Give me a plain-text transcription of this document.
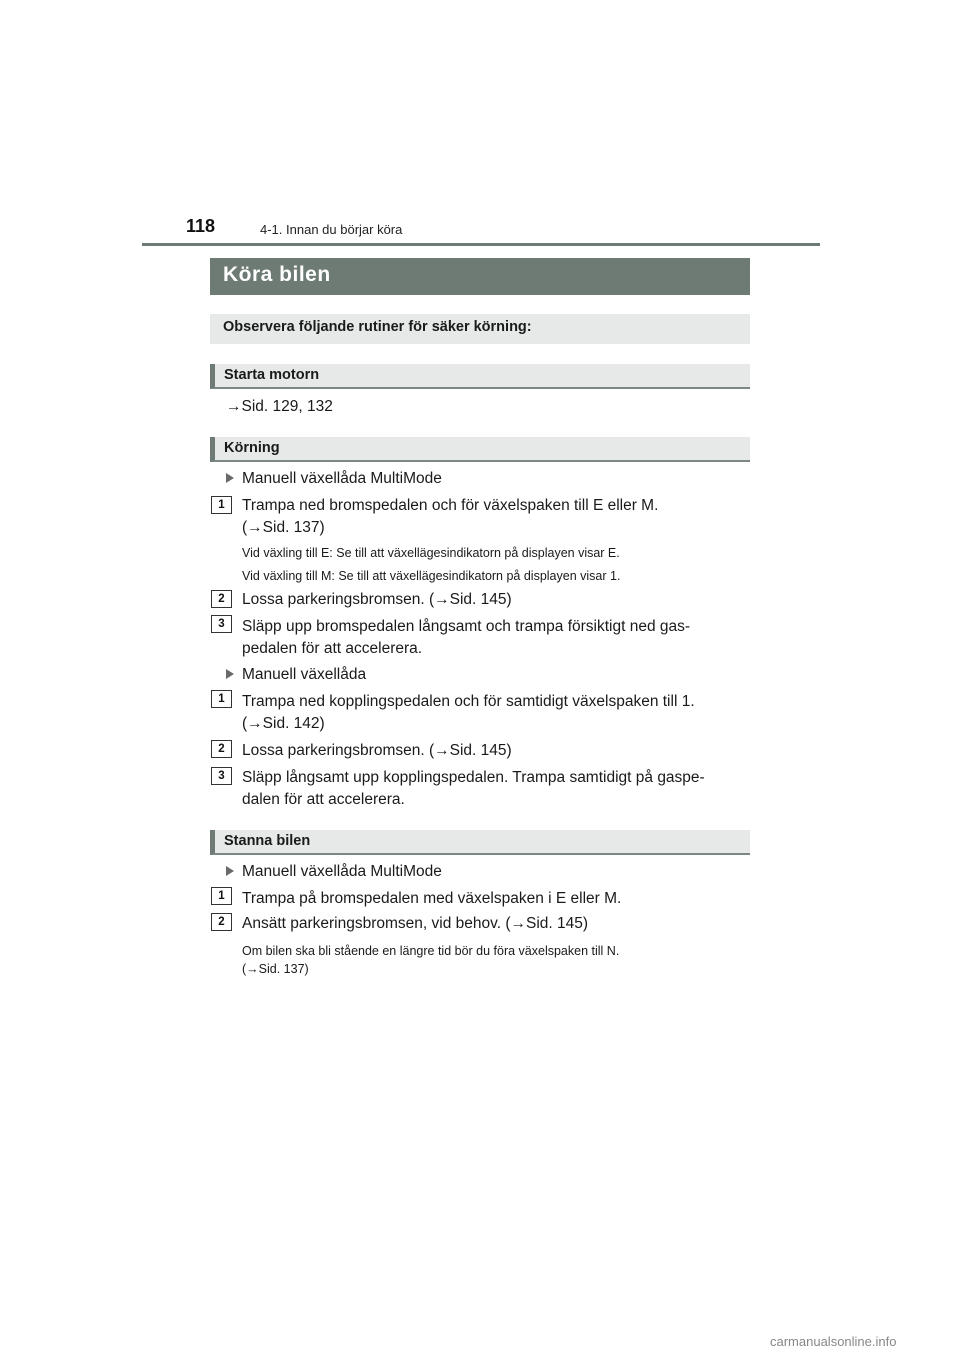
118	4-1. Innan du börjar köra
Köra bilen
Observera följande rutiner för säker körning:
Starta motorn
→Sid. 129, 132
Körning
Manuell växellåda MultiMode
1	Trampa ned bromspedalen och för växelspaken till E eller M.
(→Sid. 137)
Vid växling till E: Se till att växellägesindikatorn på displayen visar E.
Vid växling till M: Se till att växellägesindikatorn på displayen visar 1.
2	Lossa parkeringsbromsen. (→Sid. 145)
3	Släpp upp bromspedalen långsamt och trampa försiktigt ned gas-
pedalen för att accelerera.
Manuell växellåda
1	Trampa ned kopplingspedalen och för samtidigt växelspaken till 1.
(→Sid. 142)
2	Lossa parkeringsbromsen. (→Sid. 145)
3	Släpp långsamt upp kopplingspedalen. Trampa samtidigt på gaspe-
dalen för att accelerera.
Stanna bilen
Manuell växellåda MultiMode
1	Trampa på bromspedalen med växelspaken i E eller M.
2	Ansätt parkeringsbromsen, vid behov. (→Sid. 145)
Om bilen ska bli stående en längre tid bör du föra växelspaken till N.
(→Sid. 137)
carmanualsonline.info
